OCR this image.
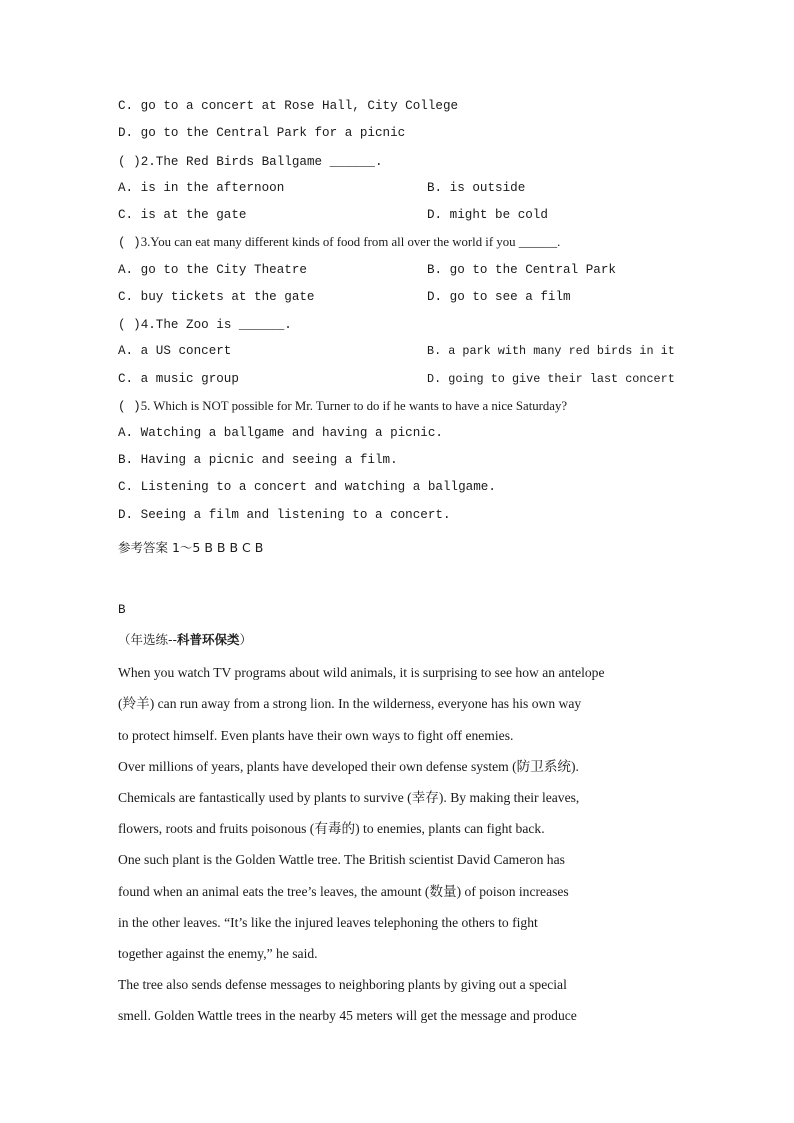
C. go to a concert at Rose Hall, City College
D. go to the Central Park for a picnic
( )2.The Red Birds Ballgame ______.
A. is in the afternoon	B. is outside
C. is at the gate	D. might be cold
( )3.You can eat many different kinds of food from all over the world if you ______.
A. go to the City Theatre	B. go to the Central Park
C. buy tickets at the gate	D. go to see a film
( )4.The Zoo is ______.
A. a US concert	B. a park with many red birds in it
C. a music group	D. going to give their last concert
( )5. Which is NOT possible for Mr. Turner to do if he wants to have a nice Saturday?
A. Watching a ballgame and having a picnic.
B. Having a picnic and seeing a film.
C. Listening to a concert and watching a ballgame.
D. Seeing a film and listening to a concert.
参考答案 1～5 B B B C B
B
（年选练--科普环保类）
When you watch TV programs about wild animals, it is surprising to see how an antelope
(羚羊) can run away from a strong lion. In the wilderness, everyone has his own way
to protect himself. Even plants have their own ways to fight off enemies.
Over millions of years, plants have developed their own defense system (防卫系统).
Chemicals are fantastically used by plants to survive (幸存). By making their leaves,
flowers, roots and fruits poisonous (有毒的) to enemies, plants can fight back.
One such plant is the Golden Wattle tree. The British scientist David Cameron has
found when an animal eats the tree’s leaves, the amount (数量) of poison increases
in the other leaves. “It’s like the injured leaves telephoning the others to fight
together against the enemy,” he said.
The tree also sends defense messages to neighboring plants by giving out a special
smell. Golden Wattle trees in the nearby 45 meters will get the message and produce
